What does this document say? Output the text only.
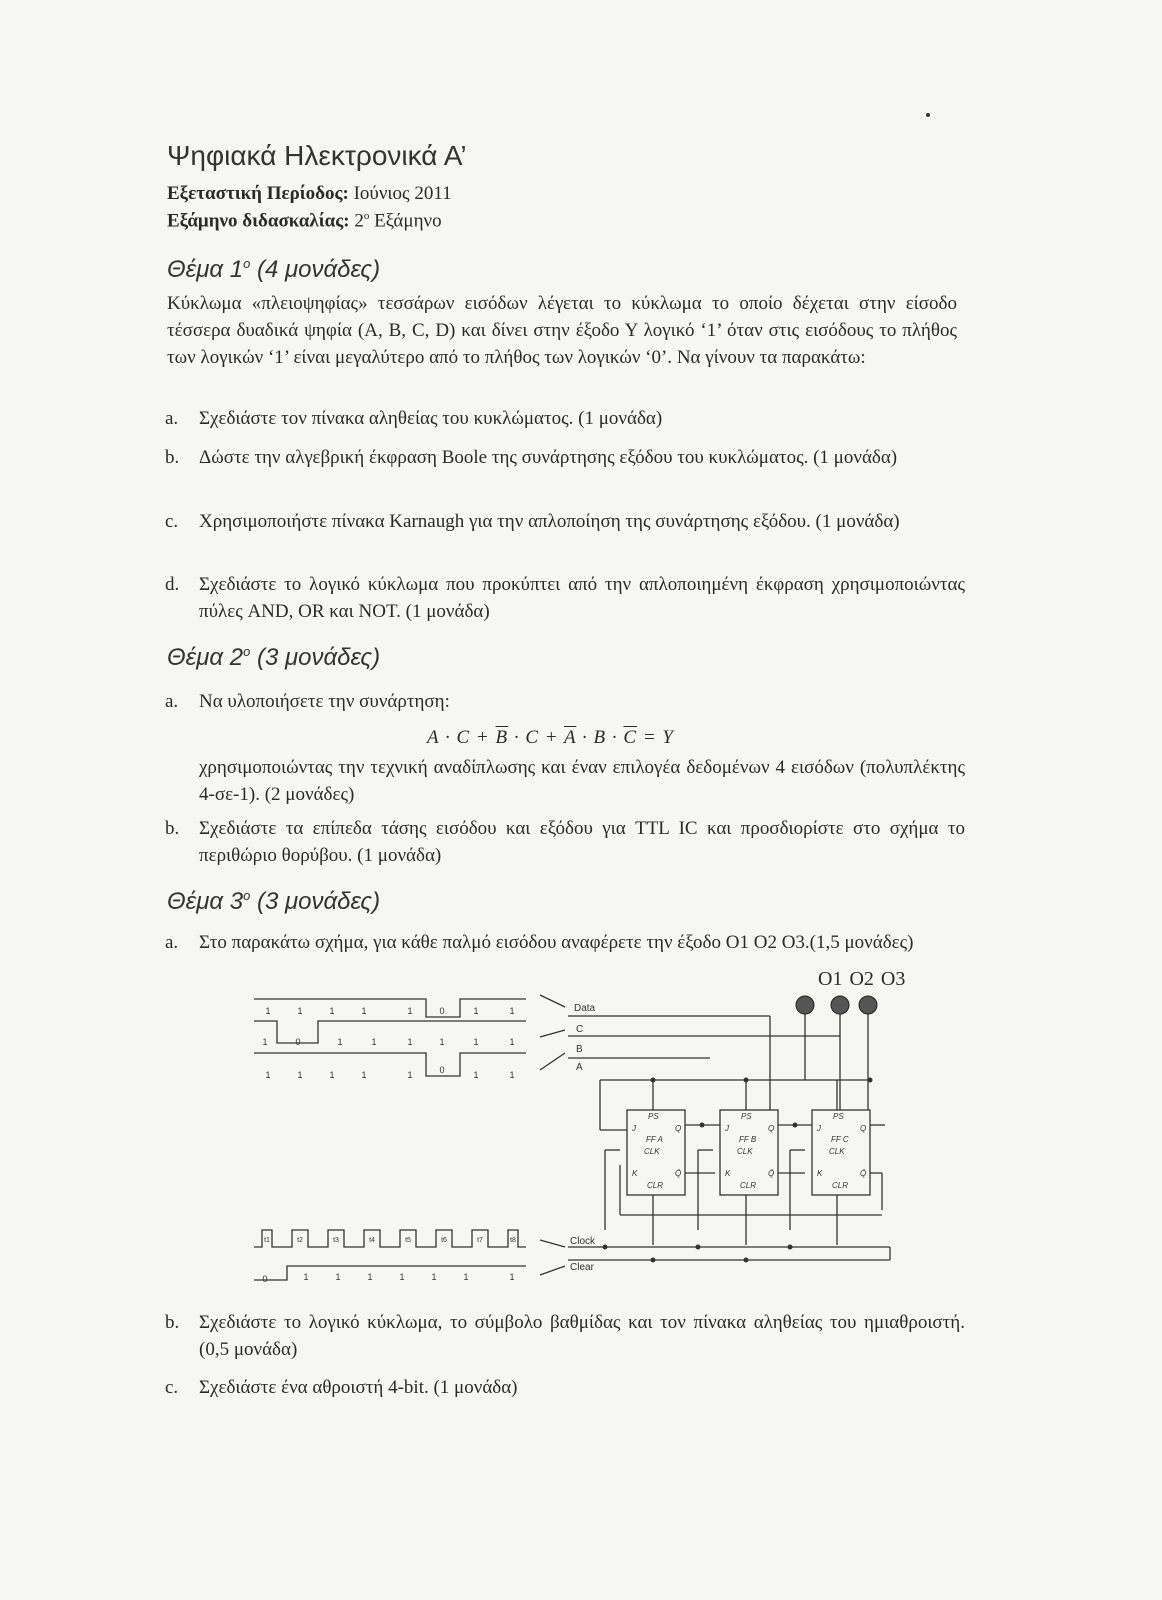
Ψηφιακά Ηλεκτρονικά Α’
Εξεταστική Περίοδος: Ιούνιος 2011
Εξάμηνο διδασκαλίας: $2^o$ Εξάμηνο
Θέμα $1^o$ (4 μονάδες)
Κύκλωμα «πλειοψηφίας» τεσσάρων εισόδων λέγεται το κύκλωμα το οποίο δέχεται στην είσοδο τέσσερα δυαδικά ψηφία (A, B, C, D) και δίνει στην έξοδο Υ λογικό ‘1’ όταν στις εισόδους το πλήθος των λογικών ‘1’ είναι μεγαλύτερο από το πλήθος των λογικών ‘0’. Να γίνουν τα παρακάτω:
a. Σχεδιάστε τον πίνακα αληθείας του κυκλώματος. (1 μονάδα)
b. Δώστε την αλγεβρική έκφραση Boole της συνάρτησης εξόδου του κυκλώματος. (1 μονάδα)
c. Χρησιμοποιήστε πίνακα Karnaugh για την απλοποίηση της συνάρτησης εξόδου. (1 μονάδα)
d. Σχεδιάστε το λογικό κύκλωμα που προκύπτει από την απλοποιημένη έκφραση χρησιμοποιώντας πύλες AND, OR και NOT. (1 μονάδα)
Θέμα $2^o$ (3 μονάδες)
a. Να υλοποιήσετε την συνάρτηση:
$A \cdot C + \overline{B} \cdot C + \overline{A} \cdot B \cdot \overline{C} = Y$
χρησιμοποιώντας την τεχνική αναδίπλωσης και έναν επιλογέα δεδομένων 4 εισόδων (πολυπλέκτης 4-σε-1). (2 μονάδες)
b. Σχεδιάστε τα επίπεδα τάσης εισόδου και εξόδου για TTL IC και προσδιορίστε στο σχήμα το περιθώριο θορύβου. (1 μονάδα)
Θέμα $3^o$ (3 μονάδες)
a. Στο παρακάτω σχήμα, για κάθε παλμό εισόδου αναφέρετε την έξοδο O1 O2 O3.(1,5 μονάδες)
O1 O2 O3
Data
C
B
A
Clock
Clear
1	1	1	1	1	0	1	1
1	0	1	1	1	1	1	1
1	1	1	1	1	0	1	1
t1	t2	t3	t4	t5	t6	t7	t8
0	1	1	1	1	1	1	1
PS
J	Q
FF A
CLK
K	Q̄
CLR
PS
J	Q
FF B
CLK
K	Q̄
CLR
PS
J	Q
FF C
CLK
K	Q̄
CLR
b. Σχεδιάστε το λογικό κύκλωμα, το σύμβολο βαθμίδας και τον πίνακα αληθείας του ημιαθροιστή. (0,5 μονάδα)
c. Σχεδιάστε ένα αθροιστή 4-bit. (1 μονάδα)
